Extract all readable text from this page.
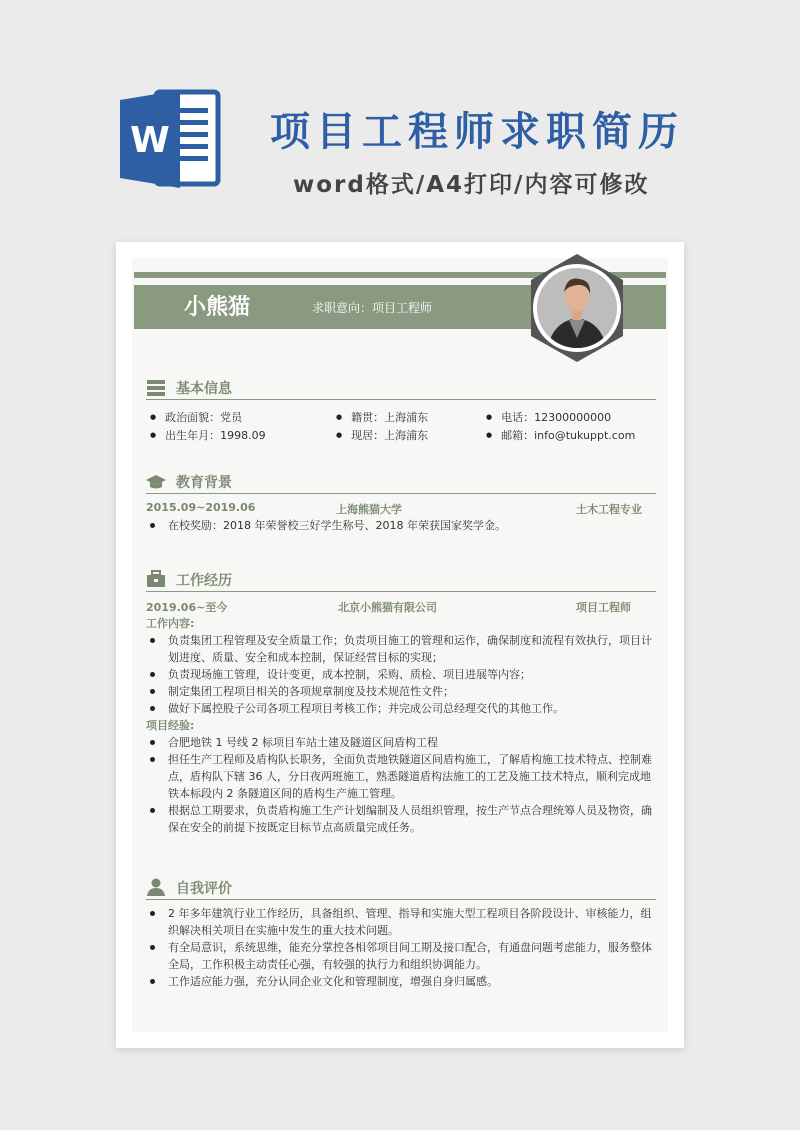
W	项目工程师求职简历
word格式/A4打印/内容可修改
小熊猫	求职意向：项目工程师
基本信息
● 政治面貌：党员	● 籍贯：上海浦东	● 电话：12300000000
● 出生年月：1998.09	● 现居：上海浦东	● 邮箱：info@tukuppt.com
教育背景
2015.09~2019.06	上海熊猫大学	土木工程专业
在校奖励：2018 年荣誉校三好学生称号、2018 年荣获国家奖学金。
工作经历
2019.06~至今	北京小熊猫有限公司	项目工程师
工作内容:
负责集团工程管理及安全质量工作；负责项目施工的管理和运作，确保制度和流程有效执行，项目计划进度、质量、安全和成本控制，保证经营目标的实现；
负责现场施工管理，设计变更，成本控制，采购、质检、项目进展等内容；
制定集团工程项目相关的各项规章制度及技术规范性文件；
做好下属控股子公司各项工程项目考核工作；并完成公司总经理交代的其他工作。
项目经验:
合肥地铁 1 号线 2 标项目车站土建及隧道区间盾构工程
担任生产工程师及盾构队长职务，全面负责地铁隧道区间盾构施工，了解盾构施工技术特点、控制难点，盾构队下辖 36 人，分日夜两班施工，熟悉隧道盾构法施工的工艺及施工技术特点，顺利完成地铁本标段内 2 条隧道区间的盾构生产施工管理。
根据总工期要求，负责盾构施工生产计划编制及人员组织管理，按生产节点合理统筹人员及物资，确保在安全的前提下按既定目标节点高质量完成任务。
自我评价
2 年多年建筑行业工作经历，具备组织、管理、指导和实施大型工程项目各阶段设计、审核能力，组织解决相关项目在实施中发生的重大技术问题。
有全局意识，系统思维，能充分掌控各相邻项目间工期及接口配合，有通盘问题考虑能力，服务整体全局，工作积极主动责任心强，有较强的执行力和组织协调能力。
工作适应能力强，充分认同企业文化和管理制度，增强自身归属感。
